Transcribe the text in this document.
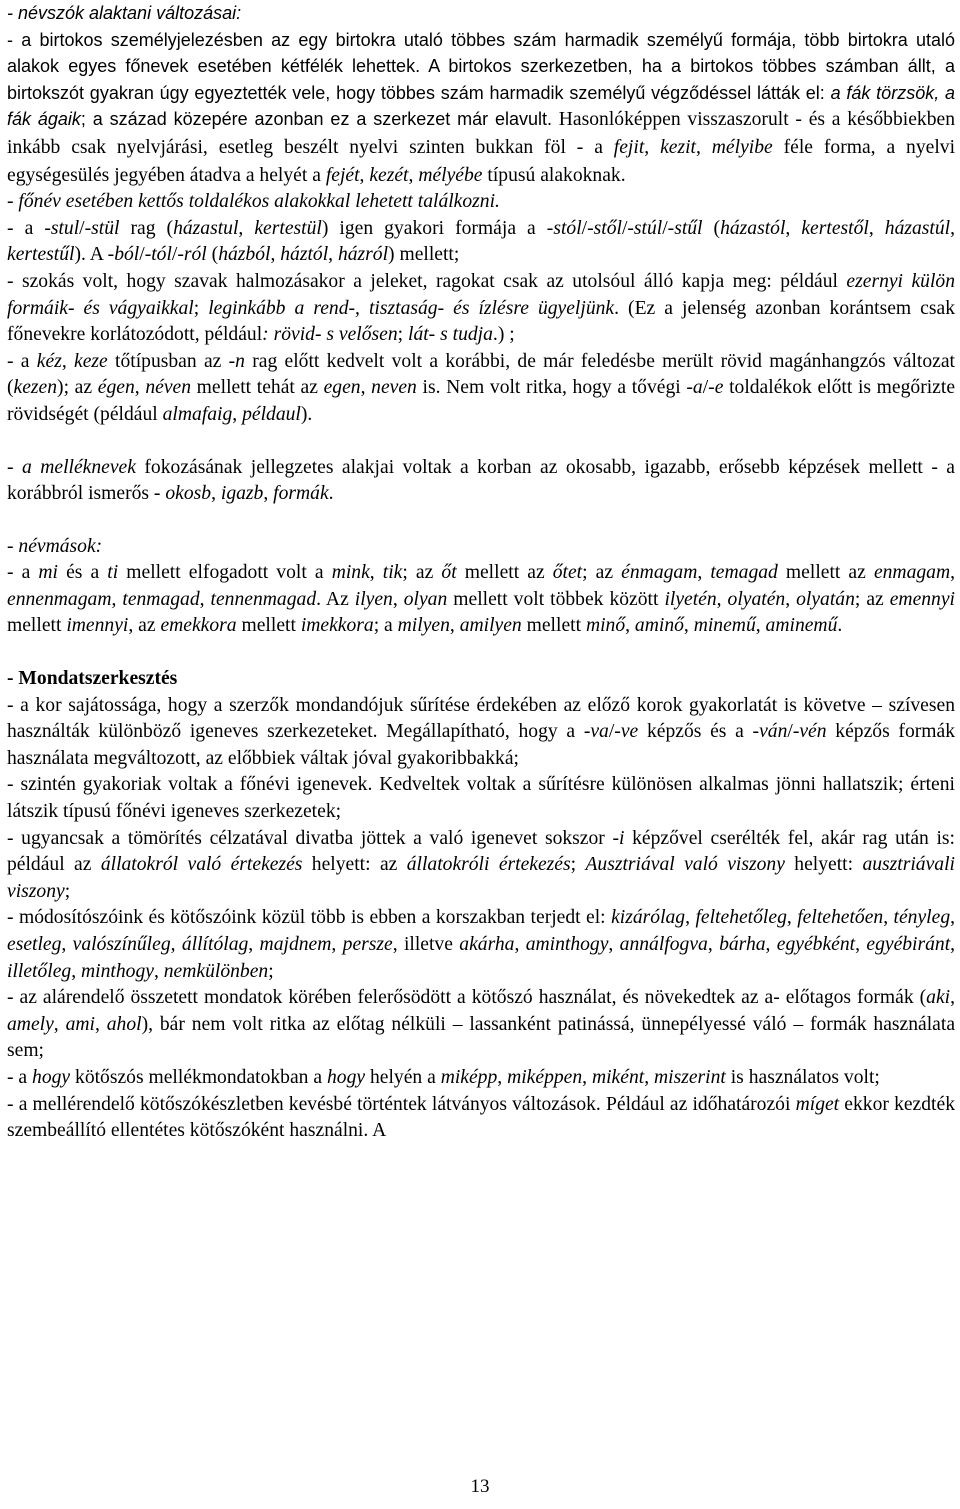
- névszók alaktani változásai:

- a birtokos személyjelezésben az egy birtokra utaló többes szám harmadik személyű formája, több birtokra utaló alakok egyes főnevek esetében kétfélék lehettek. A birtokos szerkezetben, ha a birtokos többes számban állt, a birtokszót gyakran úgy egyeztették vele, hogy többes szám harmadik személyű végződéssel látták el: a fák törzsök, a fák ágaik; a század közepére azonban ez a szerkezet már elavult. Hasonlóképpen visszaszorult - és a későbbiekben inkább csak nyelvjárási, esetleg beszélt nyelvi szinten bukkan föl - a fejit, kezit, mélyibe féle forma, a nyelvi egységesülés jegyében átadva a helyét a fejét, kezét, mélyébe típusú alakoknak.

- főnév esetében kettős toldalékos alakokkal lehetett találkozni.

- a -stul/-stül rag (házastul, kertestül) igen gyakori formája a -stól/-stől/-stúl/-stűl (házastól, kertestől, házastúl, kertestűl). A -ból/-tól/-ról (házból, háztól, házról) mellett;

- szokás volt, hogy szavak halmozásakor a jeleket, ragokat csak az utolsóul álló kapja meg: például ezernyi külön formáik- és vágyaikkal; leginkább a rend-, tisztaság- és ízlésre ügyeljünk. (Ez a jelenség azonban korántsem csak főnevekre korlátozódott, például: rövid- s velősen; lát- s tudja.) ;

- a kéz, keze tőtípusban az -n rag előtt kedvelt volt a korábbi, de már feledésbe merült rövid magánhangzós változat (kezen); az égen, néven mellett tehát az egen, neven is. Nem volt ritka, hogy a tővégi -a/-e toldalékok előtt is megőrizte rövidségét (például almafaig, példaul).

- a melléknevek fokozásának jellegzetes alakjai voltak a korban az okosabb, igazabb, erősebb képzések mellett - a korábbról ismerős - okosb, igazb, formák.

- névmások:

- a mi és a ti mellett elfogadott volt a mink, tik; az őt mellett az őtet; az énmagam, temagad mellett az enmagam, ennenmagam, tenmagad, tennenmagad. Az ilyen, olyan mellett volt többek között ilyetén, olyatén, olyatán; az emennyi mellett imennyi, az emekkora mellett imekkora; a milyen, amilyen mellett minő, aminő, minemű, aminemű.

- Mondatszerkesztés

- a kor sajátossága, hogy a szerzők mondandójuk sűrítése érdekében az előző korok gyakorlatát is követve – szívesen használták különböző igeneves szerkezeteket. Megállapítható, hogy a -va/-ve képzős és a -ván/-vén képzős formák használata megváltozott, az előbbiek váltak jóval gyakoribbakká;

- szintén gyakoriak voltak a főnévi igenevek. Kedveltek voltak a sűrítésre különösen alkalmas jönni hallatszik; érteni látszik típusú főnévi igeneves szerkezetek;

- ugyancsak a tömörítés célzatával divatba jöttek a való igenevet sokszor -i képzővel cserélték fel, akár rag után is: például az állatokról való értekezés helyett: az állatokróli értekezés; Ausztriával való viszony helyett: ausztriávali viszony;

- módosítószóink és kötőszóink közül több is ebben a korszakban terjedt el: kizárólag, feltehetőleg, feltehetően, tényleg, esetleg, valószínűleg, állítólag, majdnem, persze, illetve akárha, aminthogy, annálfogva, bárha, egyébként, egyébiránt, illetőleg, minthogy, nemkülönben;

- az alárendelő összetett mondatok körében felerősödött a kötőszó használat, és növekedtek az a- előtagos formák (aki, amely, ami, ahol), bár nem volt ritka az előtag nélküli – lassanként patinássá, ünnepélyessé váló – formák használata sem;

- a hogy kötőszós mellékmondatokban a hogy helyén a miképp, miképpen, miként, miszerint is használatos volt;

- a mellérendelő kötőszókészletben kevésbé történtek látványos változások. Például az időhatározói míget ekkor kezdték szembeállító ellentétes kötőszóként használni. A

13
